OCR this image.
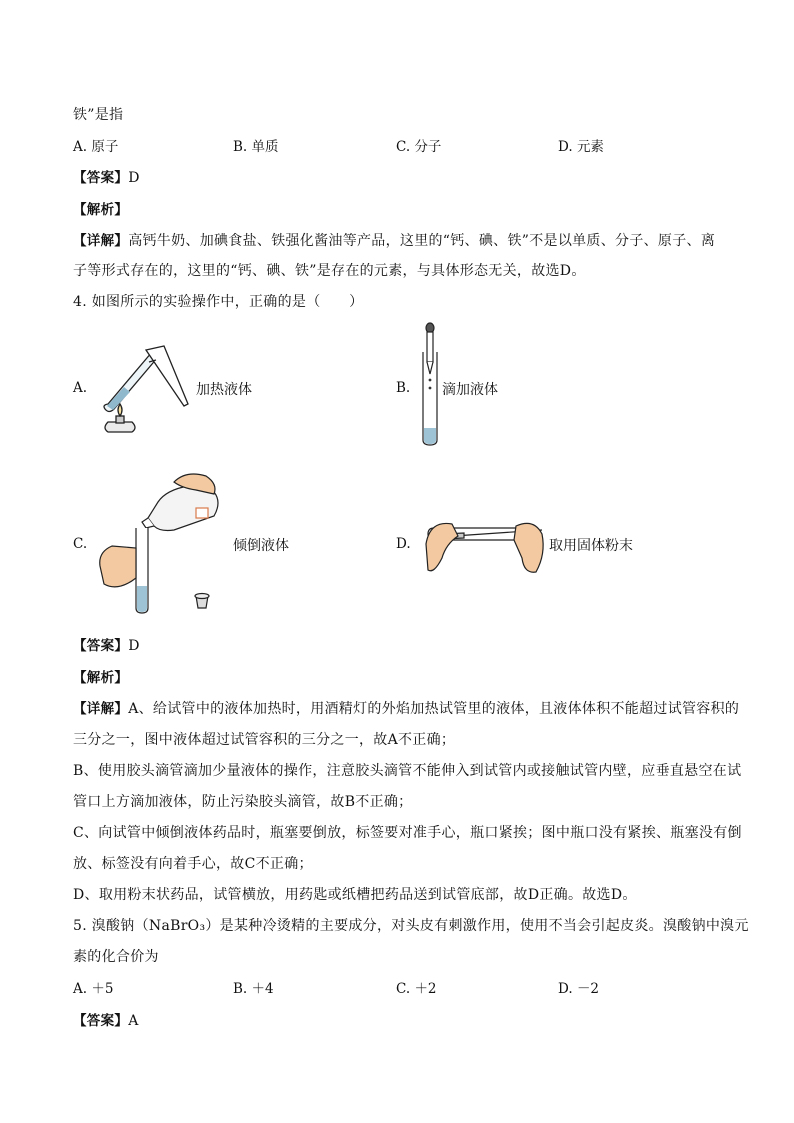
铁”是指
A. 原子	B. 单质	C. 分子	D. 元素
【答案】D
【解析】
【详解】高钙牛奶、加碘食盐、铁强化酱油等产品，这里的“钙、碘、铁”不是以单质、分子、原子、离
子等形式存在的，这里的“钙、碘、铁”是存在的元素，与具体形态无关，故选D。
4. 如图所示的实验操作中，正确的是（　　）
A.	加热液体	B. 滴加液体
C.	倾倒液体	D.	取用固体粉末
【答案】D
【解析】
【详解】A、给试管中的液体加热时，用酒精灯的外焰加热试管里的液体，且液体体积不能超过试管容积的
三分之一，图中液体超过试管容积的三分之一，故A不正确；
B、使用胶头滴管滴加少量液体的操作，注意胶头滴管不能伸入到试管内或接触试管内壁，应垂直悬空在试
管口上方滴加液体，防止污染胶头滴管，故B不正确；
C、向试管中倾倒液体药品时，瓶塞要倒放，标签要对准手心，瓶口紧挨；图中瓶口没有紧挨、瓶塞没有倒
放、标签没有向着手心，故C不正确；
D、取用粉末状药品，试管横放，用药匙或纸槽把药品送到试管底部，故D正确。故选D。
5. 溴酸钠（NaBrO₃）是某种冷烫精的主要成分，对头皮有刺激作用，使用不当会引起皮炎。溴酸钠中溴元
素的化合价为
A. ＋5	B. ＋4	C. ＋2	D. －2
【答案】A
